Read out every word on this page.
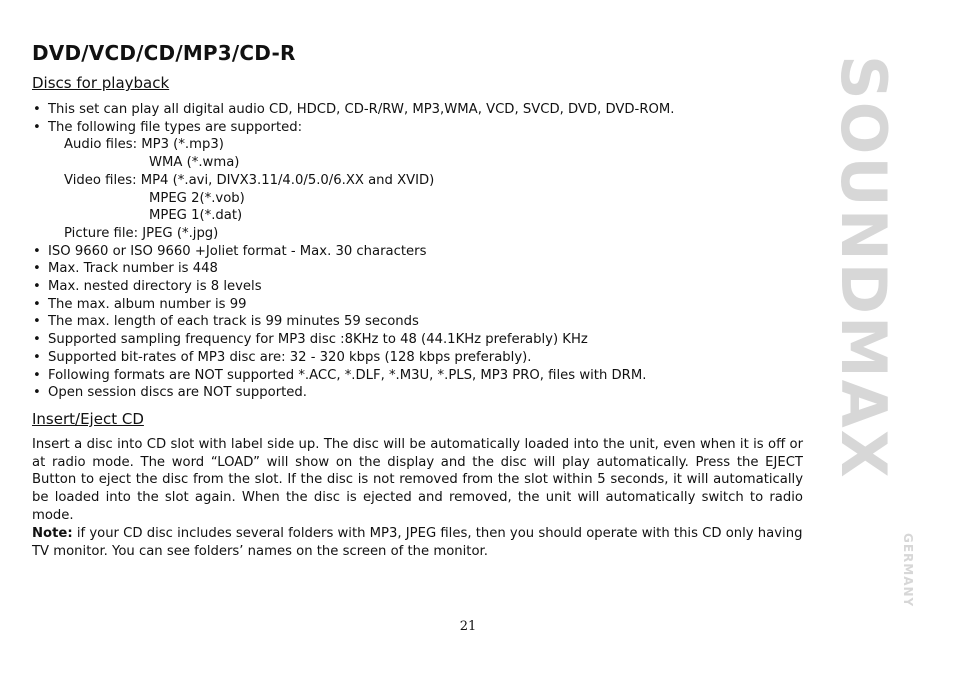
DVD/VCD/CD/MP3/CD-R
Discs for playback
• This set can play all digital audio CD, HDCD, CD-R/RW, MP3,WMA, VCD, SVCD, DVD, DVD-ROM.
• The following file types are supported:
Audio files: MP3 (*.mp3)
WMA (*.wma)
Video files: MP4 (*.avi, DIVX3.11/4.0/5.0/6.XX and XVID)
MPEG 2(*.vob)
MPEG 1(*.dat)
Picture file: JPEG (*.jpg)
• ISO 9660 or ISO 9660 +Joliet format - Max. 30 characters
• Max. Track number is 448
• Max. nested directory is 8 levels
• The max. album number is 99
• The max. length of each track is 99 minutes 59 seconds
• Supported sampling frequency for MP3 disc :8KHz to 48 (44.1KHz preferably) KHz
• Supported bit-rates of MP3 disc are: 32 - 320 kbps (128 kbps preferably).
• Following formats are NOT supported *.ACC, *.DLF, *.M3U, *.PLS, MP3 PRO, files with DRM.
• Open session discs are NOT supported.
Insert/Eject CD

Insert a disc into CD slot with label side up. The disc will be automatically loaded into the unit, even when it is off or at radio mode. The word “LOAD” will show on the display and the disc will play automatically. Press the EJECT Button to eject the disc from the slot. If the disc is not removed from the slot within 5 seconds, it will automatically be loaded into the slot again. When the disc is ejected and removed, the unit will automatically switch to radio mode.

Note: if your CD disc includes several folders with MP3, JPEG files, then you should operate with this CD only having TV monitor. You can see folders’ names on the screen of the monitor.

SOUNDMAX
GERMANY
21
